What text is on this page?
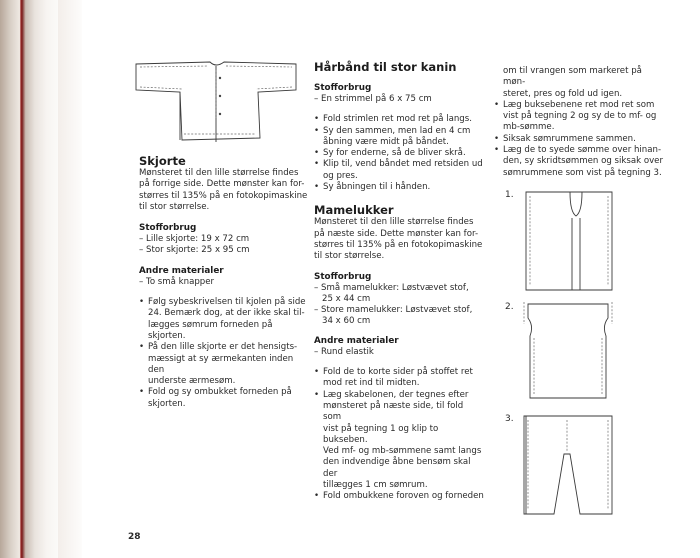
Skjorte

Mønsteret til den lille størrelse findes

på forrige side. Dette mønster kan for-

størres til 135% på en fotokopimaskine

til stor størrelse.

Stofforbrug

– Lille skjorte: 19 x 72 cm

– Stor skjorte: 25 x 95 cm

Andre materialer

– To små knapper

• Følg sybeskrivelsen til kjolen på side

24. Bemærk dog, at der ikke skal til-

lægges sømrum forneden på skjorten.

• På den lille skjorte er det hensigts-

mæssigt at sy ærmekanten inden den

underste ærmesøm.

• Fold og sy ombukket forneden på

skjorten.

Hårbånd til stor kanin

Stofforbrug

– En strimmel på 6 x 75 cm

• Fold strimlen ret mod ret på langs.

• Sy den sammen, men lad en 4 cm

åbning være midt på båndet.

• Sy for enderne, så de bliver skrå.

• Klip til, vend båndet med retsiden ud

og pres.

• Sy åbningen til i hånden.

Mamelukker

Mønsteret til den lille størrelse findes

på næste side. Dette mønster kan for-

størres til 135% på en fotokopimaskine

til stor størrelse.

Stofforbrug

– Små mamelukker: Løstvævet stof,

25 x 44 cm

– Store mamelukker: Løstvævet stof,

34 x 60 cm

Andre materialer

– Rund elastik

• Fold de to korte sider på stoffet ret

mod ret ind til midten.

• Læg skabelonen, der tegnes efter

mønsteret på næste side, til fold som

vist på tegning 1 og klip to bukseben.

Ved mf- og mb-sømmene samt langs

den indvendige åbne bensøm skal der

tillægges 1 cm sømrum.

• Fold ombukkene foroven og forneden

om til vrangen som markeret på møn-

steret, pres og fold ud igen.

• Læg buksebenene ret mod ret som

vist på tegning 2 og sy de to mf- og

mb-sømme.

• Siksak sømrummene sammen.

• Læg de to syede sømme over hinan-

den, sy skridtsømmen og siksak over

sømrummene som vist på tegning 3.

1.
2.
3.
28
